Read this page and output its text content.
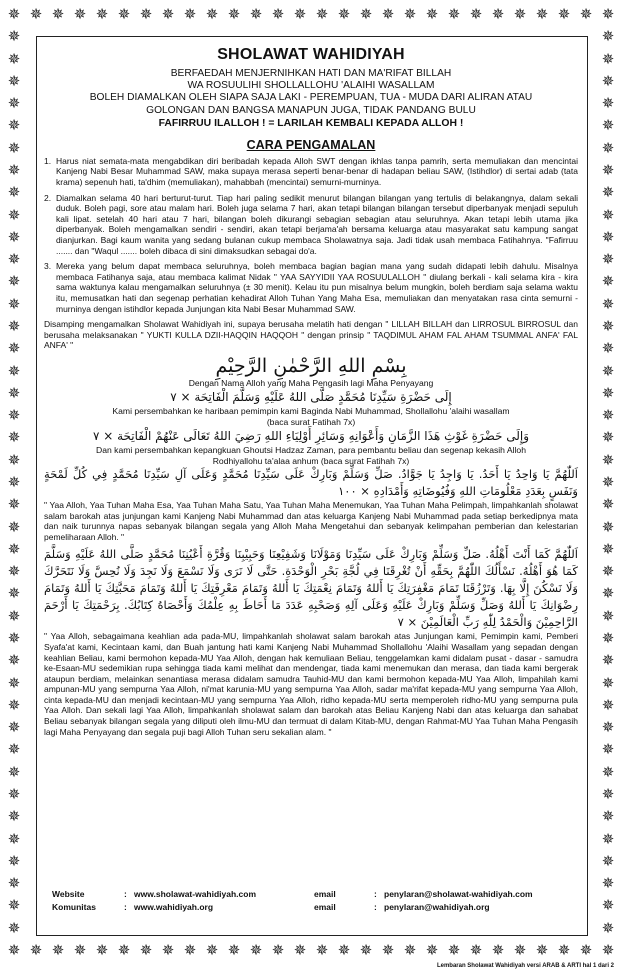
✵
✵
✵
✵
✵
✵
✵
✵
✵
✵
✵
✵
✵
✵
✵
✵
✵
✵
✵
✵
✵
✵
✵
✵
✵
✵
✵
✵
✵
✵
✵
✵
✵
✵
✵
✵
✵
✵
✵
✵
✵
✵
✵
✵
✵
✵
✵
✵
✵
✵
✵
✵
✵
✵
✵
✵
✵	✵
✵	✵
✵	✵
✵	✵
✵	✵
✵	✵
✵	✵
✵	✵
✵	✵
✵	✵
✵	✵
✵	✵
✵	✵
✵	✵
✵	✵
✵	✵
✵	✵
✵	✵
✵	✵
✵	✵
✵	✵
✵	✵
✵	✵
✵	✵
✵	✵
✵	✵
✵	✵
✵	✵
✵	✵
✵	✵
✵	✵
✵	✵
✵	✵
✵	✵
✵	✵
✵	✵
✵	✵
✵	✵
✵	✵
✵	✵
✵	✵
SHOLAWAT WAHIDIYAH
BERFAEDAH MENJERNIHKAN HATI DAN MA'RIFAT BILLAH
WA ROSUULIHI SHOLLALLOHU 'ALAIHI WASALLAM
BOLEH DIAMALKAN OLEH SIAPA SAJA LAKI - PEREMPUAN, TUA - MUDA DARI ALIRAN ATAU
GOLONGAN DAN BANGSA MANAPUN JUGA, TIDAK PANDANG BULU
FAFIRRUU ILALLOH ! = LARILAH KEMBALI KEPADA ALLOH !
CARA PENGAMALAN
1. Harus niat semata-mata mengabdikan diri beribadah kepada Alloh SWT dengan ikhlas tanpa pamrih, serta memuliakan dan mencintai Kanjeng Nabi Besar Muhammad SAW, maka supaya merasa seperti benar-benar di hadapan beliau SAW, (Istihdlor) di sertai adab (tata krama) sepenuh hati, ta'dhim (memuliakan), mahabbah (mencintai) semurni-murninya.
2. Diamalkan selama 40 hari berturut-turut. Tiap hari paling sedikit menurut bilangan bilangan yang tertulis di belakangnya, dalam sekali duduk. Boleh pagi, sore atau malam hari. Boleh juga selama 7 hari, akan tetapi bilangan bilangan tersebut diperbanyak menjadi sepuluh kali lipat. setelah 40 hari atau 7 hari, bilangan boleh dikurangi sebagian sebagian atau seluruhnya. Akan tetapi lebih utama jika diperbanyak. Boleh mengamalkan sendiri - sendiri, akan tetapi berjama'ah bersama keluarga atau masyarakat satu kampung sangat dianjurkan. Bagi kaum wanita yang sedang bulanan cukup membaca Sholawatnya saja. Jadi tidak usah membaca Fatihahnya. "Fafirruu ....... dan "Waqul ....... boleh dibaca di sini dimaksudkan sebagai do'a.
3. Mereka yang belum dapat membaca seluruhnya, boleh membaca bagian bagian mana yang sudah didapati lebih dahulu. Misalnya membaca Fatihanya saja, atau membaca kalimat Nidak " YAA SAYYIDII YAA ROSUULALLOH " diulang berkali - kali selama kira - kira sama waktunya kalau mengamalkan seluruhnya (± 30 menit). Kelau itu pun misalnya belum mungkin, boleh berdiam saja selama waktu itu, memusatkan hati dan segenap perhatian kehadirat Alloh Tuhan Yang Maha Esa, memuliakan dan menyatakan rasa cinta semurni - murninya dengan istihdlor kepada Junjungan kita Nabi Besar Muhammad SAW.
Disamping mengamalkan Sholawat Wahidiyah ini, supaya berusaha melatih hati dengan " LILLAH BILLAH dan LIRROSUL BIRROSUL dan berusaha melaksanakan " YUKTI KULLA DZII-HAQQIN HAQQOH " dengan prinsip " TAQDIMUL AHAM FAL AHAM TSUMMAL ANFA' FAL ANFA' "
بِسْمِ اللهِ الرَّحْمٰنِ الرَّحِيْمِ
Dengan Nama Alloh yang Maha Pengasih lagi Maha Penyayang
إِلَى حَضْرَةِ سَيِّدِنَا مُحَمَّدٍ صَلَّى اللهُ عَلَيْهِ وَسَلَّمَ الْفَاتِحَة × ٧
Kami persembahkan ke haribaan pemimpin kami Baginda Nabi Muhammad, Shollallohu 'alaihi wasallam
(baca surat Fatihah 7x)
وَإِلَى حَضْرَةِ غَوْثِ هَذَا الزَّمَانِ وَأَعْوَانِهِ وَسَائِرِ أَوْلِيَاءِ اللهِ رَضِيَ اللهُ تَعَالَى عَنْهُمْ الْفَاتِحَة × ٧
Dan kami persembahkan kepangkuan Ghoutsi Hadzaz Zaman, para pembantu beliau dan segenap kekasih Alloh
Rodhiyallohu ta'alaa anhum (baca surat Fatihah 7x)
اَللّٰهُمَّ يَا وَاحِدُ يَا أَحَدُ. يَا وَاجِدُ يَا جَوَّادُ. صَلِّ وَسَلِّمْ وَبَارِكْ عَلَى سَيِّدِنَا مُحَمَّدٍ وَعَلَى آلِ سَيِّدِنَا مُحَمَّدٍ فِي كُلِّ لَمْحَةٍ وَنَفَسٍ بِعَدَدِ مَعْلُومَاتِ اللهِ وَفُيُوضَاتِهِ وَأَمْدَادِهِ × ١٠٠
" Yaa Alloh, Yaa Tuhan Maha Esa, Yaa Tuhan Maha Satu, Yaa Tuhan Maha Menemukan, Yaa Tuhan Maha Pelimpah, limpahkanlah sholawat salam barokah atas junjungan kami Kanjeng Nabi Muhammad dan atas keluarga Kanjeng Nabi Muhammad pada setiap berkedipnya mata dan naik turunnya napas sebanyak bilangan segala yang Alloh Maha Mengetahui dan sebanyak kelimpahan pemberian dan kelestarian pemeliharaan Alloh. "
اَللّٰهُمَّ كَمَا أَنْتَ أَهْلُهُ. صَلِّ وَسَلِّمْ وَبَارِكْ عَلَى سَيِّدِنَا وَمَوْلَانَا وَشَفِيْعِنَا وَحَبِيْبِنَا وَقُرَّةِ أَعْيُنِنَا مُحَمَّدٍ صَلَّى اللهُ عَلَيْهِ وَسَلَّمَ كَمَا هُوَ أَهْلُهُ. نَسْأَلُكَ اللّٰهُمَّ بِحَقِّهِ أَنْ تُغْرِقَنَا فِي لُجَّةِ بَحْرِ الْوَحْدَةِ. حَتَّى لَا نَرَى وَلَا نَسْمَعَ وَلَا نَجِدَ وَلَا نُحِسَّ وَلَا نَتَحَرَّكَ وَلَا نَسْكُنَ إِلَّا بِهَا. وَتَرْزُقَنَا تَمَامَ مَغْفِرَتِكَ يَا أَللهُ وَتَمَامَ نِعْمَتِكَ يَا أَللهُ وَتَمَامَ مَعْرِفَتِكَ يَا أَللهُ وَتَمَامَ مَحَبَّتِكَ يَا أَللهُ وَتَمَامَ رِضْوَانِكَ يَا أَللهُ وَصَلِّ وَسَلِّمْ وَبَارِكْ عَلَيْهِ وَعَلَى آلِهِ وَصَحْبِهِ عَدَدَ مَا أَحَاطَ بِهِ عِلْمُكَ وَأَحْصَاهُ كِتَابُكَ. بِرَحْمَتِكَ يَا أَرْحَمَ الرَّاحِمِيْنَ وَالْحَمْدُ لِلّٰهِ رَبِّ الْعَالَمِيْنَ × ٧
" Yaa Alloh, sebagaimana keahlian ada pada-MU, limpahkanlah sholawat salam barokah atas Junjungan kami, Pemimpin kami, Pemberi Syafa'at kami, Kecintaan kami, dan Buah jantung hati kami Kanjeng Nabi Muhammad Shollallohu 'Alaihi Wasallam yang sepadan dengan keahlian Beliau, kami bermohon kepada-MU Yaa Alloh, dengan hak kemuliaan Beliau, tenggelamkan kami didalam pusat - dasar - samudra ke-Esaan-MU sedemikian rupa sehingga tiada kami melihat dan mendengar, tiada kami menemukan dan merasa, dan tiada kami bergerak ataupun berdiam, melainkan senantiasa merasa didalam samudra Tauhid-MU dan kami bermohon kepada-MU Yaa Alloh, limpahilah kami ampunan-MU yang sempurna Yaa Alloh, ni'mat karunia-MU yang sempurna Yaa Alloh, sadar ma'rifat kepada-MU yang sempurna Yaa Alloh, cinta kepada-MU dan menjadi kecintaan-MU yang sempurna Yaa Alloh, ridho kepada-MU serta memperoleh ridho-MU yang sempurna pula Yaa Alloh. Dan sekali lagi Yaa Alloh, limpahkanlah sholawat salam dan barokah atas Beliau Kanjeng Nabi dan atas keluarga dan sahabat Beliau sebanyak bilangan segala yang diliputi oleh ilmu-MU dan termuat di dalam Kitab-MU, dengan Rahmat-MU Yaa Tuhan Maha Pengasih lagi Maha Penyayang dan segala puji bagi Alloh Tuhan seru sekalian alam. "
Website	: www.sholawat-wahidiyah.com	email	: penylaran@sholawat-wahidiyah.com
Komunitas	: www.wahidiyah.org	email	: penylaran@wahidiyah.org
Lembaran Sholawat Wahidiyah versi ARAB & ARTI hal 1 dari 2
